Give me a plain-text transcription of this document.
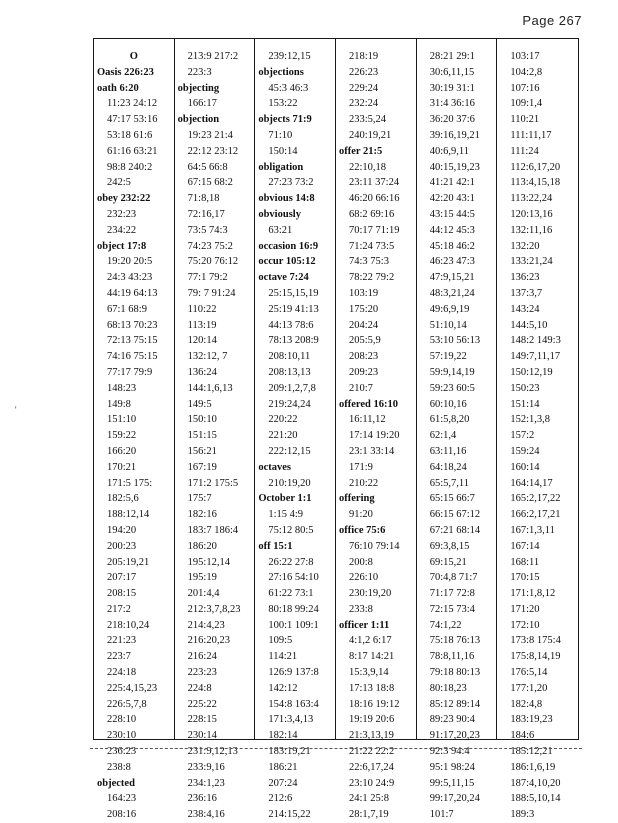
Page 267
ʻ
O
Oasis 226:23
oath 6:20
11:23 24:12
47:17 53:16
53:18 61:6
61:16 63:21
98:8 240:2
242:5
obey 232:22
232:23
234:22
object 17:8
19:20 20:5
24:3 43:23
44:19 64:13
67:1 68:9
68:13 70:23
72:13 75:15
74:16 75:15
77:17 79:9
148:23
149:8
151:10
159:22
166:20
170:21
171:5 175:
182:5,6
188:12,14
194:20
200:23
205:19,21
207:17
208:15
217:2
218:10,24
221:23
223:7
224:18
225:4,15,23
226:5,7,8
228:10
230:10
236:23
238:8
objected
164:23
208:16
213:9 217:2
223:3
objecting
166:17
objection
19:23 21:4
22:12 23:12
64:5 66:8
67:15 68:2
71:8,18
72:16,17
73:5 74:3
74:23 75:2
75:20 76:12
77:1 79:2
79: 7 91:24
110:22
113:19
120:14
132:12, 7
136:24
144:1,6,13
149:5
150:10
151:15
156:21
167:19
171:2 175:5
175:7
182:16
183:7 186:4
186:20
195:12,14
195:19
201:4,4
212:3,7,8,23
214:4,23
216:20,23
216:24
223:23
224:8
225:22
228:15
230:14
231:9,12,13
233:9,16
234:1,23
236:16
238:4,16
239:12,15
objections
45:3 46:3
153:22
objects 71:9
71:10
150:14
obligation
27:23 73:2
obvious 14:8
obviously
63:21
occasion 16:9
occur 105:12
octave 7:24
25:15,15,19
25:19 41:13
44:13 78:6
78:13 208:9
208:10,11
208:13,13
209:1,2,7,8
219:24,24
220:22
221:20
222:12,15
octaves
210:19,20
October 1:1
1:15 4:9
75:12 80:5
off 15:1
26:22 27:8
27:16 54:10
61:22 73:1
80:18 99:24
100:1 109:1
109:5
114:21
126:9 137:8
142:12
154:8 163:4
171:3,4,13
182:14
183:19,21
186:21
207:24
212:6
214:15,22
218:19
226:23
229:24
232:24
233:5,24
240:19,21
offer 21:5
22:10,18
23:11 37:24
46:20 66:16
68:2 69:16
70:17 71:19
71:24 73:5
74:3 75:3
78:22 79:2
103:19
175:20
204:24
205:5,9
208:23
209:23
210:7
offered 16:10
16:11,12
17:14 19:20
23:1 33:14
171:9
210:22
offering
91:20
office 75:6
76:10 79:14
200:8
226:10
230:19,20
233:8
officer 1:11
4:1,2 6:17
8:17 14:21
15:3,9,14
17:13 18:8
18:16 19:12
19:19 20:6
21:3,13,19
21:22 22:2
22:6,17,24
23:10 24:9
24:1 25:8
28:1,7,19
28:21 29:1
30:6,11,15
30:19 31:1
31:4 36:16
36:20 37:6
39:16,19,21
40:6,9,11
40:15,19,23
41:21 42:1
42:20 43:1
43:15 44:5
44:12 45:3
45:18 46:2
46:23 47:3
47:9,15,21
48:3,21,24
49:6,9,19
51:10,14
53:10 56:13
57:19,22
59:9,14,19
59:23 60:5
60:10,16
61:5,8,20
62:1,4
63:11,16
64:18,24
65:5,7,11
65:15 66:7
66:15 67:12
67:21 68:14
69:3,8,15
69:15,21
70:4,8 71:7
71:17 72:8
72:15 73:4
74:1,22
75:18 76:13
78:8,11,16
79:18 80:13
80:18,23
85:12 89:14
89:23 90:4
91:17,20,23
92:3 94:4
95:1 98:24
99:5,11,15
99:17,20,24
101:7
103:17
104:2,8
107:16
109:1,4
110:21
111:11,17
111:24
112:6,17,20
113:4,15,18
113:22,24
120:13,16
132:11,16
132:20
133:21,24
136:23
137:3,7
143:24
144:5,10
148:2 149:3
149:7,11,17
150:12,19
150:23
151:14
152:1,3,8
157:2
159:24
160:14
164:14,17
165:2,17,22
166:2,17,21
167:1,3,11
167:14
168:11
170:15
171:1,8,12
171:20
172:10
173:8 175:4
175:8,14,19
176:5,14
177:1,20
182:4,8
183:19,23
184:6
185:12,21
186:1,6,19
187:4,10,20
188:5,10,14
189:3
